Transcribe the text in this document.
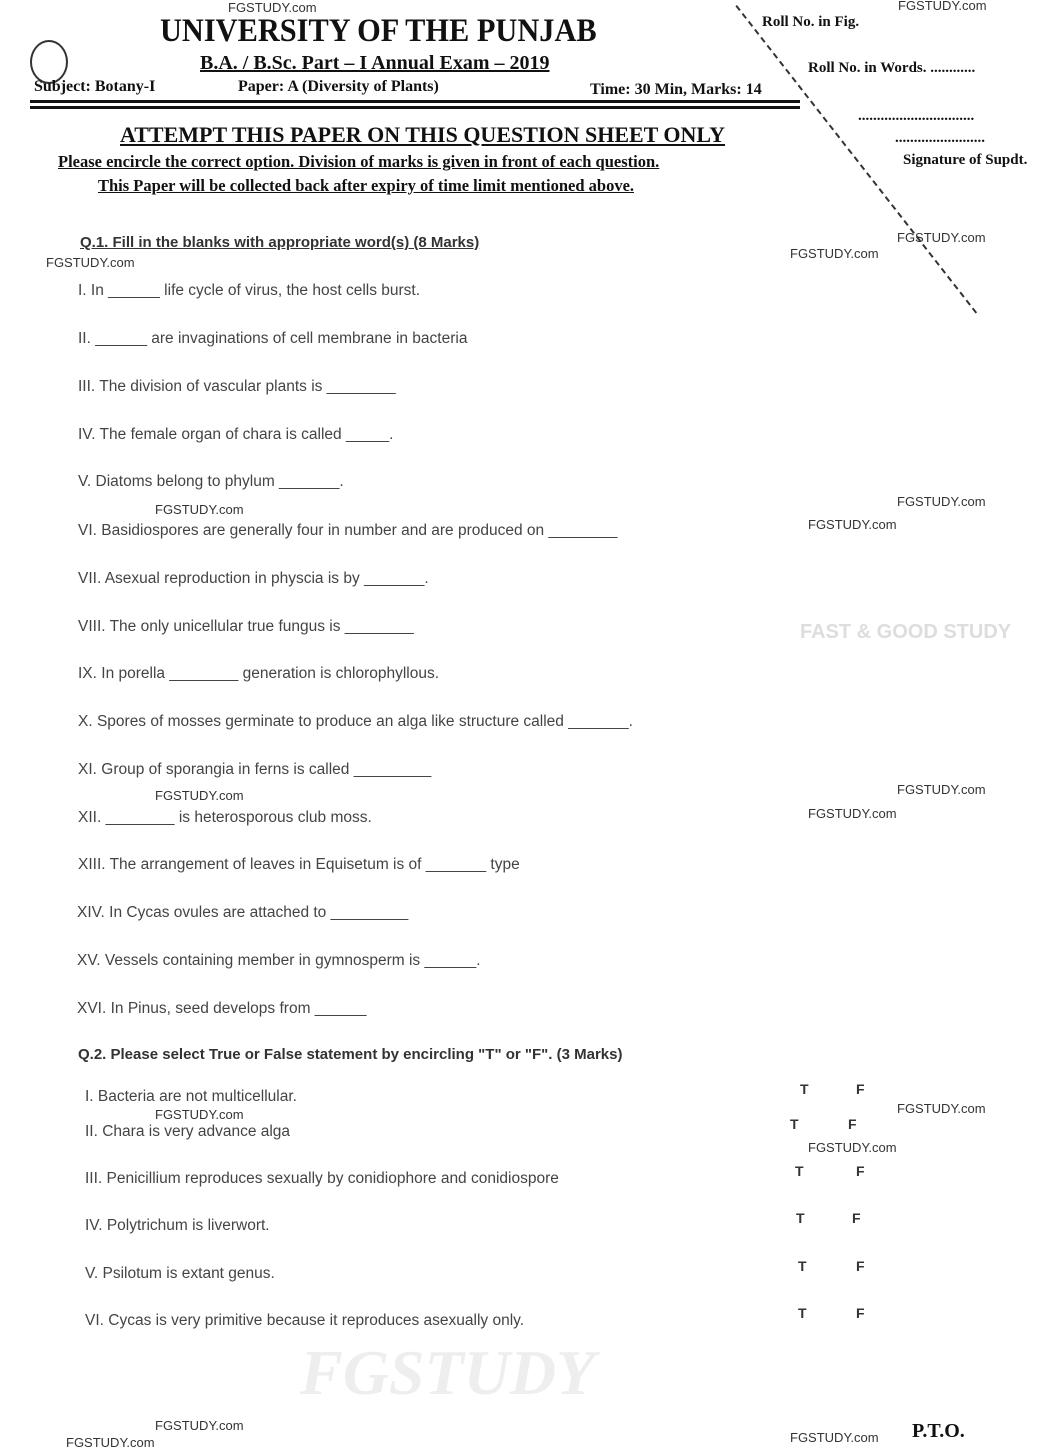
FGSTUDY
UNIVERSITY OF THE PUNJAB
B.A. / B.Sc. Part – I Annual Exam – 2019
Subject: Botany-I	Paper: A (Diversity of Plants)	Time: 30 Min, Marks: 14
ATTEMPT THIS PAPER ON THIS QUESTION SHEET ONLY
Please encircle the correct option. Division of marks is given in front of each question.
This Paper will be collected back after expiry of time limit mentioned above.
Roll No. in Fig.
Roll No. in Words. ............
...............................
........................
Signature of Supdt.
Q.1. Fill in the blanks with appropriate word(s) (8 Marks)
I. In ______ life cycle of virus, the host cells burst.
II. ______ are invaginations of cell membrane in bacteria
III. The division of vascular plants is ________
IV. The female organ of chara is called _____.
V. Diatoms belong to phylum _______.
VI. Basidiospores are generally four in number and are produced on ________
VII. Asexual reproduction in physcia is by _______.
VIII. The only unicellular true fungus is ________
IX. In porella ________ generation is chlorophyllous.
X. Spores of mosses germinate to produce an alga like structure called _______.
XI. Group of sporangia in ferns is called _________
XII. ________ is heterosporous club moss.
XIII. The arrangement of leaves in Equisetum is of _______ type
XIV. In Cycas ovules are attached to _________
XV. Vessels containing member in gymnosperm is ______.
XVI. In Pinus, seed develops from ______
Q.2. Please select True or False statement by encircling "T" or "F". (3 Marks)
I. Bacteria are not multicellular.	T	F
II. Chara is very advance alga	T	F
III. Penicillium reproduces sexually by conidiophore and conidiospore	T	F
IV. Polytrichum is liverwort.	T	F
V. Psilotum is extant genus.	T	F
VI. Cycas is very primitive because it reproduces asexually only.	T	F
FGSTUDY.com	FGSTUDY.com
FGSTUDY.com
FGSTUDY.com
FGSTUDY.com
FGSTUDY.com
FGSTUDY.com
FGSTUDY.com
FGSTUDY.com
FGSTUDY.com
FGSTUDY.com
FGSTUDY.com
FGSTUDY.com
FGSTUDY.com
FGSTUDY.com
FGSTUDY.com	FGSTUDY.com
FAST & GOOD STUDY
P.T.O.
